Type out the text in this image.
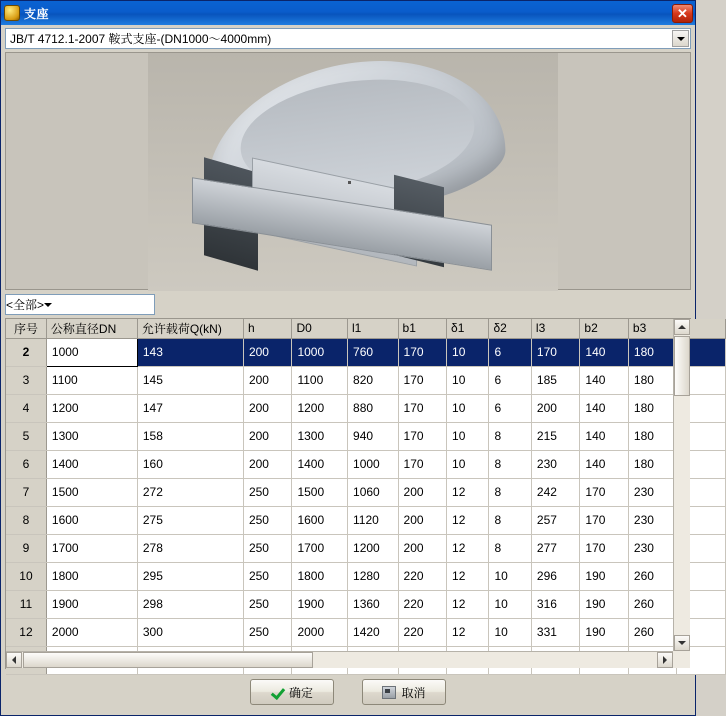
支座	✕
JB/T 4712.1-2007 鞍式支座-(DN1000～4000mm)
<全部>
序号	公称直径DN	允许载荷Q(kN)	h	D0	l1	b1	δ1	δ2	l3	b2	b3	
2	1000	143	200	1000	760	170	10	6	170	140	180	
3	1100	145	200	1100	820	170	10	6	185	140	180	
4	1200	147	200	1200	880	170	10	6	200	140	180	
5	1300	158	200	1300	940	170	10	8	215	140	180	
6	1400	160	200	1400	1000	170	10	8	230	140	180	
7	1500	272	250	1500	1060	200	12	8	242	170	230	
8	1600	275	250	1600	1120	200	12	8	257	170	230	
9	1700	278	250	1700	1200	200	12	8	277	170	230	
10	1800	295	250	1800	1280	220	12	10	296	190	260	
11	1900	298	250	1900	1360	220	12	10	316	190	260	
12	2000	300	250	2000	1420	220	12	10	331	190	260	

确定	取消
